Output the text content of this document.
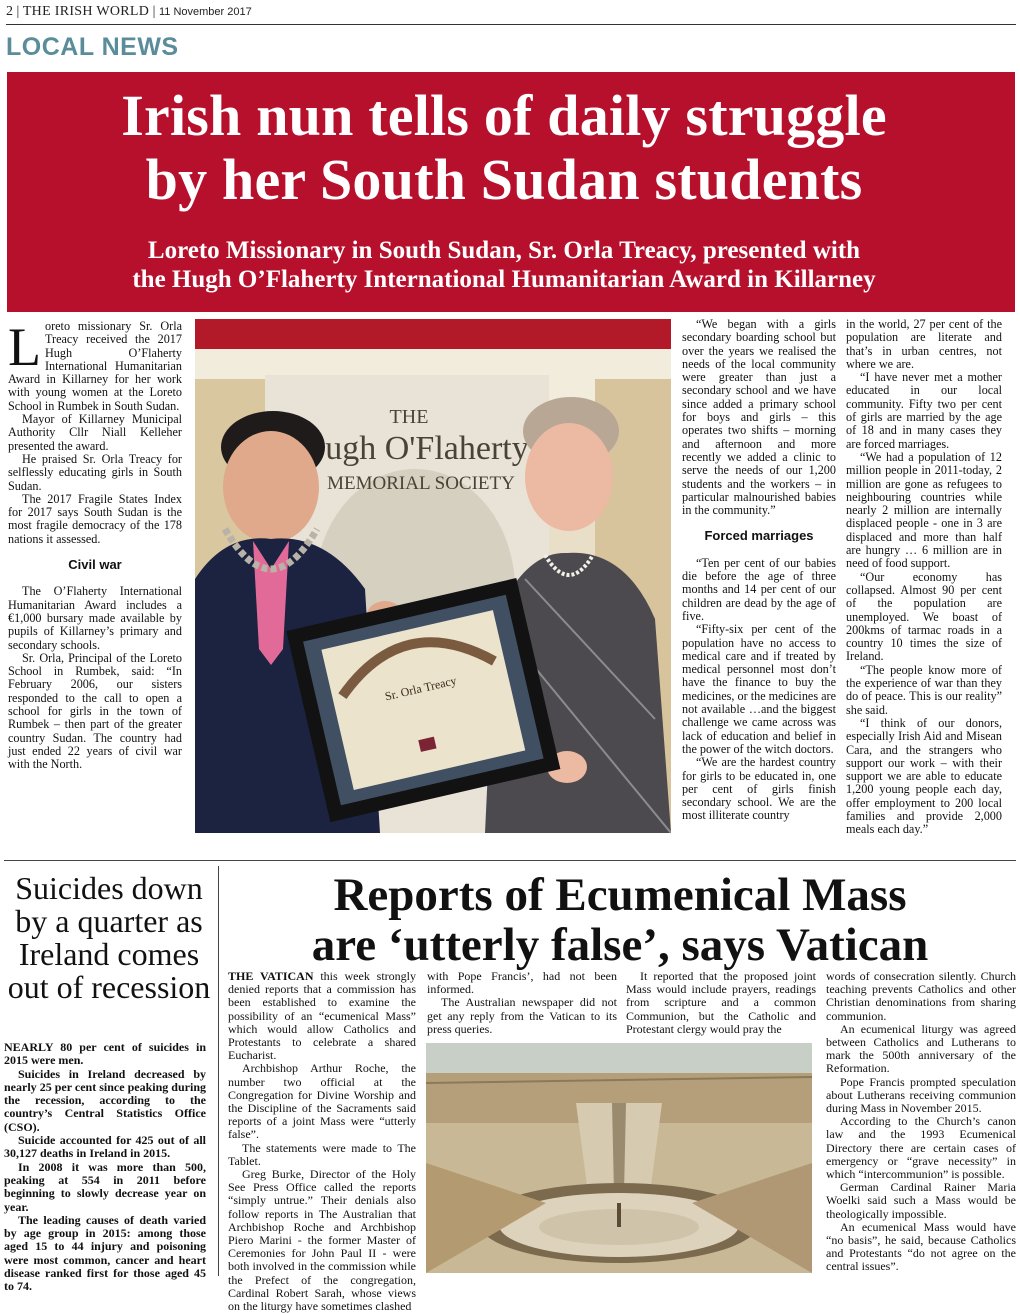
2 | THE IRISH WORLD | 11 November 2017
LOCAL NEWS
Irish nun tells of daily struggle
by her South Sudan students
Loreto Missionary in South Sudan, Sr. Orla Treacy, presented with
the Hugh O’Flaherty International Humanitarian Award in Killarney
L oreto missionary Sr. Orla Treacy received the 2017 Hugh O’Flaherty International Humanitarian Award in Killarney for her work with young women at the Loreto School in Rumbek in South Sudan.

Mayor of Killarney Municipal Authority Cllr Niall Kelleher presented the award.

He praised Sr. Orla Treacy for selflessly educating girls in South Sudan.

The 2017 Fragile States Index for 2017 says South Sudan is the most fragile democracy of the 178 nations it assessed.

Civil war

The O’Flaherty International Humanitarian Award includes a €1,000 bursary made available by pupils of Killarney’s primary and secondary schools.

Sr. Orla, Principal of the Loreto School in Rumbek, said: “In February 2006, our sisters responded to the call to open a school for girls in the town of Rumbek – then part of the greater country Sudan. The country had just ended 22 years of civil war with the North.

THE
ugh O'Flaherty
MEMORIAL SOCIETY
Sr. Orla Treacy

“We began with a girls secondary boarding school but over the years we realised the needs of the local community were greater than just a secondary school and we have since added a primary school for boys and girls – this operates two shifts – morning and afternoon and more recently we added a clinic to serve the needs of our 1,200 students and the workers – in particular malnourished babies in the community.”

Forced marriages

“Ten per cent of our babies die before the age of three months and 14 per cent of our children are dead by the age of five.

“Fifty-six per cent of the population have no access to medical care and if treated by medical personnel most don’t have the finance to buy the medicines, or the medicines are not available …and the biggest challenge we came across was lack of education and belief in the power of the witch doctors.

“We are the hardest country for girls to be educated in, one per cent of girls finish secondary school. We are the most illiterate country

in the world, 27 per cent of the population are literate and that’s in urban centres, not where we are.

“I have never met a mother educated in our local community. Fifty two per cent of girls are married by the age of 18 and in many cases they are forced marriages.

“We had a population of 12 million people in 2011-today, 2 million are gone as refugees to neighbouring countries while nearly 2 million are internally displaced people - one in 3 are displaced and more than half are hungry … 6 million are in need of food support.

“Our economy has collapsed. Almost 90 per cent of the population are unemployed. We boast of 200kms of tarmac roads in a country 10 times the size of Ireland.

“The people know more of the experience of war than they do of peace. This is our reality” she said.

“I think of our donors, especially Irish Aid and Misean Cara, and the strangers who support our work – with their support we are able to educate 1,200 young people each day, offer employment to 200 local families and provide 2,000 meals each day.”

Suicides down by a quarter as Ireland comes out of recession

NEARLY 80 per cent of suicides in 2015 were men.

Suicides in Ireland decreased by nearly 25 per cent since peaking during the recession, according to the country’s Central Statistics Office (CSO).

Suicide accounted for 425 out of all 30,127 deaths in Ireland in 2015.

In 2008 it was more than 500, peaking at 554 in 2011 before beginning to slowly decrease year on year.

The leading causes of death varied by age group in 2015: among those aged 15 to 44 injury and poisoning were most common, cancer and heart disease ranked first for those aged 45 to 74.

Reports of Ecumenical Mass
are ‘utterly false’, says Vatican

THE VATICAN this week strongly denied reports that a commission has been established to examine the possibility of an “ecumenical Mass” which would allow Catholics and Protestants to celebrate a shared Eucharist.

Archbishop Arthur Roche, the number two official at the Congregation for Divine Worship and the Discipline of the Sacraments said reports of a joint Mass were “utterly false”.

The statements were made to The Tablet.

Greg Burke, Director of the Holy See Press Office called the reports “simply untrue.” Their denials also follow reports in The Australian that Archbishop Roche and Archbishop Piero Marini - the former Master of Ceremonies for John Paul II - were both involved in the commission while the Prefect of the congregation, Cardinal Robert Sarah, whose views on the liturgy have sometimes clashed

with Pope Francis’, had not been informed.

The Australian newspaper did not get any reply from the Vatican to its press queries.

It reported that the proposed joint Mass would include prayers, readings from scripture and a common Communion, but the Catholic and Protestant clergy would pray the

words of consecration silently. Church teaching prevents Catholics and other Christian denominations from sharing communion.

An ecumenical liturgy was agreed between Catholics and Lutherans to mark the 500th anniversary of the Reformation.

Pope Francis prompted speculation about Lutherans receiving communion during Mass in November 2015.

According to the Church’s canon law and the 1993 Ecumenical Directory there are certain cases of emergency or “grave necessity” in which “intercommunion” is possible.

German Cardinal Rainer Maria Woelki said such a Mass would be theologically impossible.

An ecumenical Mass would have “no basis”, he said, because Catholics and Protestants “do not agree on the central issues”.
